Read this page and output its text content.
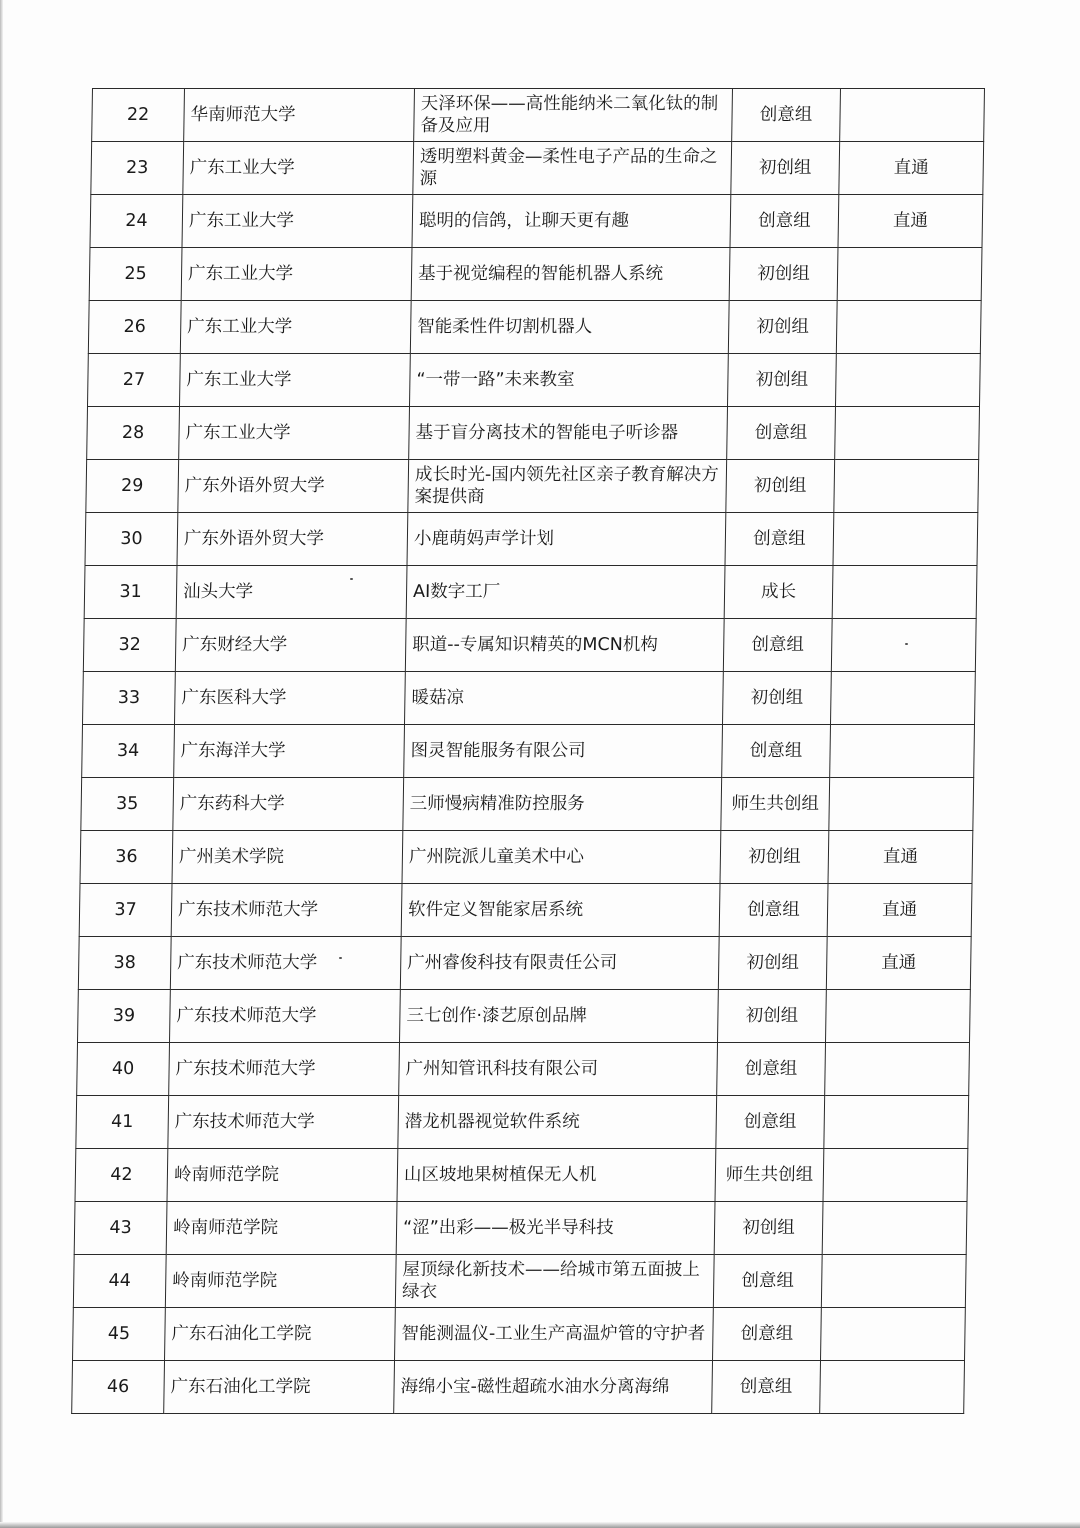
22	华南师范大学	天泽环保——高性能纳米二氧化钛的制备及应用	创意组	
23	广东工业大学	透明塑料黄金—柔性电子产品的生命之源	初创组	直通
24	广东工业大学	聪明的信鸽，让聊天更有趣	创意组	直通
25	广东工业大学	基于视觉编程的智能机器人系统	初创组	
26	广东工业大学	智能柔性件切割机器人	初创组	
27	广东工业大学	“一带一路”未来教室	初创组	
28	广东工业大学	基于盲分离技术的智能电子听诊器	创意组	
29	广东外语外贸大学	成长时光-国内领先社区亲子教育解决方案提供商	初创组	
30	广东外语外贸大学	小鹿萌妈声学计划	创意组	
31	汕头大学	AI数字工厂	成长	
32	广东财经大学	职道--专属知识精英的MCN机构	创意组	
33	广东医科大学	暖菇凉	初创组	
34	广东海洋大学	图灵智能服务有限公司	创意组	
35	广东药科大学	三师慢病精准防控服务	师生共创组	
36	广州美术学院	广州院派儿童美术中心	初创组	直通
37	广东技术师范大学	软件定义智能家居系统	创意组	直通
38	广东技术师范大学	广州睿俊科技有限责任公司	初创组	直通
39	广东技术师范大学	三七创作·漆艺原创品牌	初创组	
40	广东技术师范大学	广州知管讯科技有限公司	创意组	
41	广东技术师范大学	潜龙机器视觉软件系统	创意组	
42	岭南师范学院	山区坡地果树植保无人机	师生共创组	
43	岭南师范学院	“涩”出彩——极光半导科技	初创组	
44	岭南师范学院	屋顶绿化新技术——给城市第五面披上绿衣	创意组	
45	广东石油化工学院	智能测温仪-工业生产高温炉管的守护者	创意组	
46	广东石油化工学院	海绵小宝-磁性超疏水油水分离海绵	创意组	
